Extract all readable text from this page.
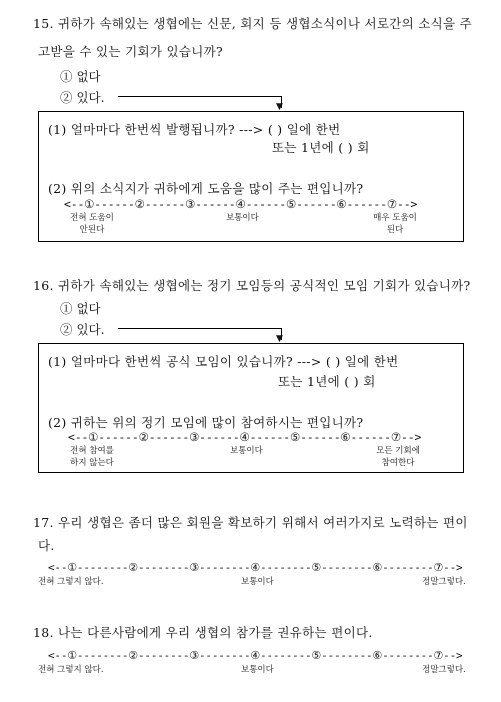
15. 귀하가 속해있는 생협에는 신문, 회지 등 생협소식이나 서로간의 소식을 주
고받을 수 있는 기회가 있습니까?
① 없다
② 있다.
▼
(1) 얼마마다 한번씩 발행됩니까? ---> ( ) 일에 한번
또는 1년에 ( ) 회
(2) 위의 소식지가 귀하에게 도움을 많이 주는 편입니까?
<--①------②------③------④------⑤------⑥------⑦-->
전혀 도움이
안된다
보통이다	매우 도움이
된다
16. 귀하가 속해있는 생협에는 정기 모임등의 공식적인 모임 기회가 있습니까?
① 없다
② 있다.
▼
(1) 얼마마다 한번씩 공식 모임이 있습니까? ---> ( ) 일에 한번
또는 1년에 ( ) 회
(2) 귀하는 위의 정기 모임에 많이 참여하시는 편입니까?
<--①------②------③------④------⑤------⑥------⑦-->
전혀 참여를
하지 않는다
보통이다	모든 기회에
참여한다
17. 우리 생협은 좀더 많은 회원을 확보하기 위해서 여러가지로 노력하는 편이
다.
<--①--------②--------③--------④--------⑤--------⑥--------⑦-->
전혀 그렇지 않다.	보통이다	정말그렇다.
18. 나는 다른사람에게 우리 생협의 참가를 권유하는 편이다.
<--①--------②--------③--------④--------⑤--------⑥--------⑦-->
전혀 그렇지 않다.	보통이다	정말그렇다.
